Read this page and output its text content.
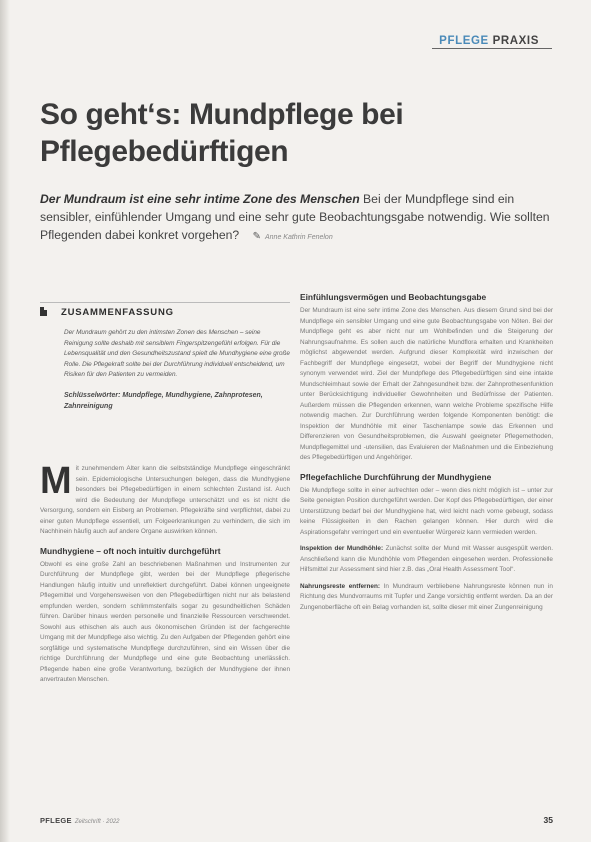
PFLEGE PRAXIS
So geht‘s: Mundpflege bei
Pflegebedürftigen

Der Mundraum ist eine sehr intime Zone des Menschen Bei der Mundpflege sind ein sensibler, einfühlender Umgang und eine sehr gute Beobachtungsgabe notwendig. Wie sollten Pflegenden dabei konkret vorgehen? ✎ Anne Kathrin Fenelon

ZUSAMMENFASSUNG

Der Mundraum gehört zu den intimsten Zonen des Menschen – seine Reinigung sollte deshalb mit sensiblem Fingerspitzengefühl erfolgen. Für die Lebensqualität und den Gesundheitszustand spielt die Mundhygiene eine große Rolle. Die Pflegekraft sollte bei der Durchführung individuell entscheidend, um Risiken für den Patienten zu vermeiden.

Schlüsselwörter: Mundpflege, Mundhygiene, Zahnprotesen, Zahnreinigung

M it zunehmendem Alter kann die selbstständige Mundpflege eingeschränkt sein. Epidemiologische Untersuchungen belegen, dass die Mundhygiene besonders bei Pflegebedürftigen in einem schlechten Zustand ist. Auch wird die Bedeutung der Mundpflege unterschätzt und es ist nicht die Versorgung, sondern ein Eisberg an Problemen. Pflegekräfte sind verpflichtet, dabei zu einer guten Mundpflege essentiell, um Folgeerkrankungen zu verhindern, die sich im Nachhinein häufig auch auf andere Organe auswirken können.

Mundhygiene – oft noch intuitiv durchgeführt

Obwohl es eine große Zahl an beschriebenen Maßnahmen und Instrumenten zur Durchführung der Mundpflege gibt, werden bei der Mundpflege pflegerische Handlungen häufig intuitiv und unreflektiert durchgeführt. Dabei können ungeeignete Pflegemittel und Vorgehensweisen von den Pflegebedürftigen nicht nur als belastend empfunden werden, sondern schlimmstenfalls sogar zu gesundheitlichen Schäden führen. Darüber hinaus werden personelle und finanzielle Ressourcen verschwendet. Sowohl aus ethischen als auch aus ökonomischen Gründen ist der fachgerechte Umgang mit der Mundpflege also wichtig. Zu den Aufgaben der Pflegenden gehört eine sorgfältige und systematische Mundpflege durchzuführen, sind ein Wissen über die richtige Durchführung der Mundpflege und eine gute Beobachtung unerlässlich. Pflegende haben eine große Verantwortung, bezüglich der Mundhygiene der ihnen anvertrauten Menschen.

Einfühlungsvermögen und Beobachtungsgabe

Der Mundraum ist eine sehr intime Zone des Menschen. Aus diesem Grund sind bei der Mundpflege ein sensibler Umgang und eine gute Beobachtungsgabe von Nöten. Bei der Mundpflege geht es aber nicht nur um Wohlbefinden und die Steigerung der Nahrungsaufnahme. Es sollen auch die natürliche Mundflora erhalten und Krankheiten möglichst abgewendet werden. Aufgrund dieser Komplexität wird inzwischen der Fachbegriff der Mundpflege eingesetzt, wobei der Begriff der Mundhygiene nicht synonym verwendet wird. Ziel der Mundpflege des Pflegebedürftigen sind eine intakte Mundschleimhaut sowie der Erhalt der Zahngesundheit bzw. der Zahnprothesenfunktion unter Berücksichtigung individueller Gewohnheiten und Bedürfnisse der Patienten. Außerdem müssen die Pflegenden erkennen, wann welche Probleme spezifische Hilfe notwendig machen. Zur Durchführung werden folgende Komponenten benötigt: die Inspektion der Mundhöhle mit einer Taschenlampe sowie das Erkennen und Differenzieren von Gesundheitsproblemen, die Auswahl geeigneter Pflegemethoden, Mundpflegemittel und -utensilien, das Evaluieren der Maßnahmen und die Einbeziehung des Pflegebedürftigen und Angehöriger.

Pflegefachliche Durchführung der Mundhygiene

Die Mundpflege sollte in einer aufrechten oder – wenn dies nicht möglich ist – unter zur Seite geneigten Position durchgeführt werden. Der Kopf des Pflegebedürftigen, der einer Unterstützung bedarf bei der Mundhygiene hat, wird leicht nach vorne gebeugt, sodass keine Flüssigkeiten in den Rachen gelangen können. Hier durch wird die Aspirationsgefahr verringert und ein eventueller Würgereiz kann vermieden werden.

Inspektion der Mundhöhle: Zunächst sollte der Mund mit Wasser ausgespült werden. Anschließend kann die Mundhöhle vom Pflegenden eingesehen werden. Professionelle Hilfsmittel zur Assessment sind hier z.B. das „Oral Health Assessment Tool“.

Nahrungsreste entfernen: In Mundraum verbliebene Nahrungsreste können nun in Richtung des Mundvorraums mit Tupfer und Zange vorsichtig entfernt werden. Da an der Zungenoberfläche oft ein Belag vorhanden ist, sollte dieser mit einer Zungenreinigung

PFLEGE Zeitschrift · 2022	35
